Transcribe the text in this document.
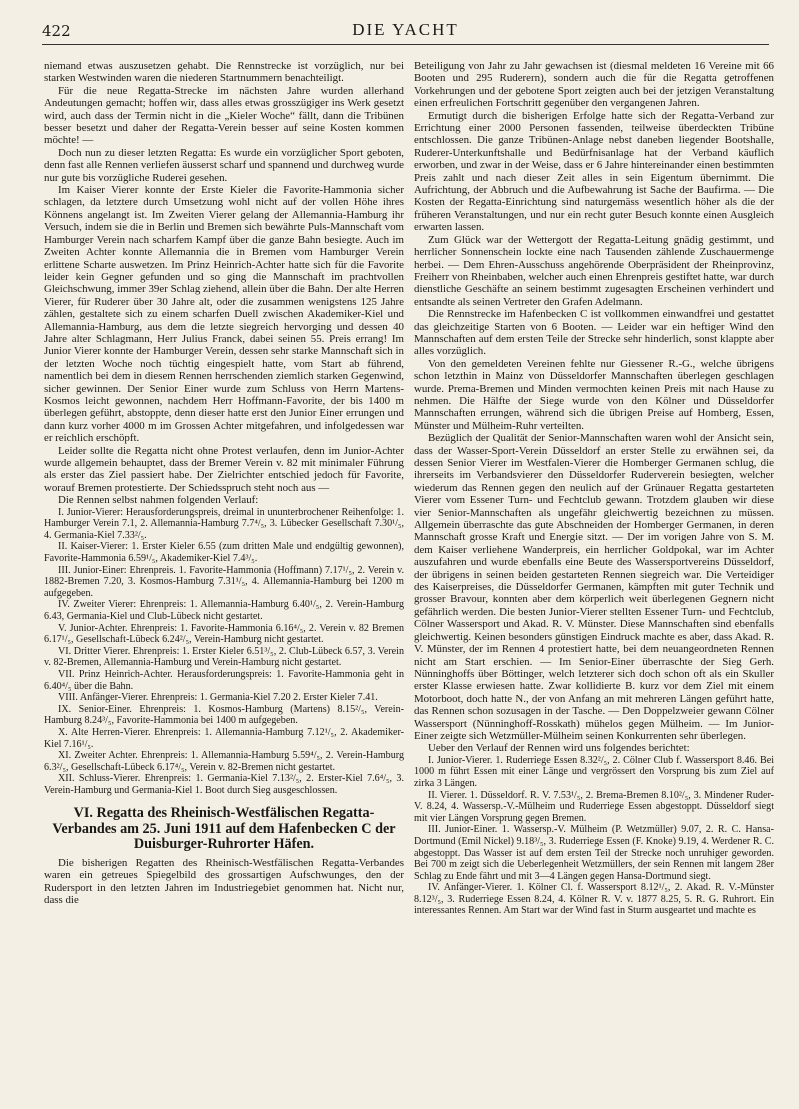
422	DIE YACHT

niemand etwas auszusetzen gehabt. Die Rennstrecke ist vorzüglich, nur bei starken Westwinden waren die niederen Startnummern benachteiligt.

Für die neue Regatta-Strecke im nächsten Jahre wurden allerhand Andeutungen gemacht; hoffen wir, dass alles etwas grosszügiger ins Werk gesetzt wird, auch dass der Termin nicht in die „Kieler Woche“ fällt, dann die Tribünen besser besetzt und daher der Regatta-Verein besser auf seine Kosten kommen möchte! —

Doch nun zu dieser letzten Regatta: Es wurde ein vorzüglicher Sport geboten, denn fast alle Rennen verliefen äusserst scharf und spannend und durchweg wurde nur gute bis vorzügliche Ruderei gesehen.

Im Kaiser Vierer konnte der Erste Kieler die Favorite-Hammonia sicher schlagen, da letztere durch Umsetzung wohl nicht auf der vollen Höhe ihres Könnens angelangt ist. Im Zweiten Vierer gelang der Allemannia-Hamburg ihr Versuch, indem sie die in Berlin und Bremen sich bewährte Puls-Mannschaft vom Hamburger Verein nach scharfem Kampf über die ganze Bahn besiegte. Auch im Zweiten Achter konnte Allemannia die in Bremen vom Hamburger Verein erlittene Scharte auswetzen. Im Prinz Heinrich-Achter hatte sich für die Favorite leider kein Gegner gefunden und so ging die Mannschaft im prachtvollen Gleichschwung, immer 39er Schlag ziehend, allein über die Bahn. Der alte Herren Vierer, für Ruderer über 30 Jahre alt, oder die zusammen wenigstens 125 Jahre zählen, gestaltete sich zu einem scharfen Duell zwischen Akademiker-Kiel und Allemannia-Hamburg, aus dem die letzte siegreich hervorging und dessen 40 Jahre alter Schlagmann, Herr Julius Franck, dabei seinen 55. Preis errang! Im Junior Vierer konnte der Hamburger Verein, dessen sehr starke Mannschaft sich in der letzten Woche noch tüchtig eingespielt hatte, vom Start ab führend, namentlich bei dem in diesem Rennen herrschenden ziemlich starken Gegenwind, sicher gewinnen. Der Senior Einer wurde zum Schluss von Herrn Martens-Kosmos leicht gewonnen, nachdem Herr Hoffmann-Favorite, der bis 1400 m überlegen geführt, abstoppte, denn dieser hatte erst den Junior Einer errungen und dann kurz vorher 4000 m im Grossen Achter mitgefahren, und infolgedessen war er reichlich erschöpft.

Leider sollte die Regatta nicht ohne Protest verlaufen, denn im Junior-Achter wurde allgemein behauptet, dass der Bremer Verein v. 82 mit minimaler Führung als erster das Ziel passiert habe. Der Zielrichter entschied jedoch für Favorite, worauf Bremen protestierte. Der Schiedsspruch steht noch aus —

Die Rennen selbst nahmen folgenden Verlauf:

I. Junior-Vierer: Herausforderungspreis, dreimal in ununterbrochener Reihenfolge: 1. Hamburger Verein 7.1, 2. Allemannia-Hamburg 7.7⁴/₅, 3. Lübecker Gesellschaft 7.30¹/₅, 4. Germania-Kiel 7.33²/₅.

II. Kaiser-Vierer: 1. Erster Kieler 6.55 (zum dritten Male und endgültig gewonnen), Favorite-Hammonia 6.59¹/₅, Akademiker-Kiel 7.4³/₅.

III. Junior-Einer: Ehrenpreis. 1. Favorite-Hammonia (Hoffmann) 7.17¹/₅, 2. Verein v. 1882-Bremen 7.20, 3. Kosmos-Hamburg 7.31¹/₅, 4. Allemannia-Hamburg bei 1200 m aufgegeben.

IV. Zweiter Vierer: Ehrenpreis: 1. Allemannia-Hamburg 6.40¹/₅, 2. Verein-Hamburg 6.43, Germania-Kiel und Club-Lübeck nicht gestartet.

V. Junior-Achter. Ehrenpreis: 1. Favorite-Hammonia 6.16⁴/₅, 2. Verein v. 82 Bremen 6.17¹/₅, Gesellschaft-Lübeck 6.24²/₅, Verein-Hamburg nicht gestartet.

VI. Dritter Vierer. Ehrenpreis: 1. Erster Kieler 6.51³/₅, 2. Club-Lübeck 6.57, 3. Verein v. 82-Bremen, Allemannia-Hamburg und Verein-Hamburg nicht gestartet.

VII. Prinz Heinrich-Achter. Herausforderungspreis: 1. Favorite-Hammonia geht in 6.40⁴/₅ über die Bahn.

VIII. Anfänger-Vierer. Ehrenpreis: 1. Germania-Kiel 7.20 2. Erster Kieler 7.41.

IX. Senior-Einer. Ehrenpreis: 1. Kosmos-Hamburg (Martens) 8.15²/₅, Verein-Hamburg 8.24³/₅, Favorite-Hammonia bei 1400 m aufgegeben.

X. Alte Herren-Vierer. Ehrenpreis: 1. Allemannia-Hamburg 7.12¹/₅, 2. Akademiker-Kiel 7.16¹/₅.

XI. Zweiter Achter. Ehrenpreis: 1. Allemannia-Hamburg 5.59⁴/₅, 2. Verein-Hamburg 6.3²/₅, Gesellschaft-Lübeck 6.17⁴/₅, Verein v. 82-Bremen nicht gestartet.

XII. Schluss-Vierer. Ehrenpreis: 1. Germania-Kiel 7.13²/₅, 2. Erster-Kiel 7.6⁴/₅, 3. Verein-Hamburg und Germania-Kiel 1. Boot durch Sieg ausgeschlossen.

VI. Regatta des Rheinisch-Westfälischen Regatta-Verbandes am 25. Juni 1911 auf dem Hafenbecken C der Duisburger-Ruhrorter Häfen.

Die bisherigen Regatten des Rheinisch-Westfälischen Regatta-Verbandes waren ein getreues Spiegelbild des grossartigen Aufschwunges, den der Rudersport in den letzten Jahren im Industriegebiet genommen hat. Nicht nur, dass die

Beteiligung von Jahr zu Jahr gewachsen ist (diesmal meldeten 16 Vereine mit 66 Booten und 295 Ruderern), sondern auch die für die Regatta getroffenen Vorkehrungen und der gebotene Sport zeigten auch bei der jetzigen Veranstaltung einen erfreulichen Fortschritt gegenüber den vergangenen Jahren.

Ermutigt durch die bisherigen Erfolge hatte sich der Regatta-Verband zur Errichtung einer 2000 Personen fassenden, teilweise überdeckten Tribüne entschlossen. Die ganze Tribünen-Anlage nebst daneben liegender Bootshalle, Ruderer-Unterkunftshalle und Bedürfnisanlage hat der Verband käuflich erworben, und zwar in der Weise, dass er 6 Jahre hintereinander einen bestimmten Preis zahlt und nach dieser Zeit alles in sein Eigentum übernimmt. Die Aufrichtung, der Abbruch und die Aufbewahrung ist Sache der Baufirma. — Die Kosten der Regatta-Einrichtung sind naturgemäss wesentlich höher als die der früheren Veranstaltungen, und nur ein recht guter Besuch konnte einen Ausgleich erwarten lassen.

Zum Glück war der Wettergott der Regatta-Leitung gnädig gestimmt, und herrlicher Sonnenschein lockte eine nach Tausenden zählende Zuschauermenge herbei. — Dem Ehren-Ausschuss angehörende Oberpräsident der Rheinprovinz, Freiherr von Rheinbaben, welcher auch einen Ehrenpreis gestiftet hatte, war durch dienstliche Geschäfte an seinem bestimmt zugesagten Erscheinen verhindert und entsandte als seinen Vertreter den Grafen Adelmann.

Die Rennstrecke im Hafenbecken C ist vollkommen einwandfrei und gestattet das gleichzeitige Starten von 6 Booten. — Leider war ein heftiger Wind den Mannschaften auf dem ersten Teile der Strecke sehr hinderlich, sonst klappte aber alles vorzüglich.

Von den gemeldeten Vereinen fehlte nur Giessener R.-G., welche übrigens schon letzthin in Mainz von Düsseldorfer Mannschaften überlegen geschlagen wurde. Prema-Bremen und Minden vermochten keinen Preis mit nach Hause zu nehmen. Die Hälfte der Siege wurde von den Kölner und Düsseldorfer Mannschaften errungen, während sich die übrigen Preise auf Homberg, Essen, Münster und Mülheim-Ruhr verteilten.

Bezüglich der Qualität der Senior-Mannschaften waren wohl der Ansicht sein, dass der Wasser-Sport-Verein Düsseldorf an erster Stelle zu erwähnen sei, da dessen Senior Vierer im Westfalen-Vierer die Homberger Germanen schlug, die ihrerseits im Verbandsvierer den Düsseldorfer Ruderverein besiegten, welcher wiederum das Rennen gegen den neulich auf der Grünauer Regatta gestarteten Vierer vom Essener Turn- und Fechtclub gewann. Trotzdem glauben wir diese vier Senior-Mannschaften als ungefähr gleichwertig bezeichnen zu müssen. Allgemein überraschte das gute Abschneiden der Homberger Germanen, in deren Mannschaft grosse Kraft und Energie sitzt. — Der im vorigen Jahre von S. M. dem Kaiser verliehene Wanderpreis, ein herrlicher Goldpokal, war im Achter auszufahren und wurde ebenfalls eine Beute des Wassersportvereins Düsseldorf, der übrigens in seinen beiden gestarteten Rennen siegreich war. Die Verteidiger des Kaiserpreises, die Düsseldorfer Germanen, kämpften mit guter Technik und grosser Bravour, konnten aber dem körperlich weit überlegenen Gegnern nicht gefährlich werden. Die besten Junior-Vierer stellten Essener Turn- und Fechtclub, Cölner Wassersport und Akad. R. V. Münster. Diese Mannschaften sind ebenfalls gleichwertig. Keinen besonders günstigen Eindruck machte es aber, dass Akad. R. V. Münster, der im Rennen 4 protestiert hatte, bei dem neuangeordneten Rennen nicht am Start erschien. — Im Senior-Einer überraschte der Sieg Gerh. Nünninghoffs über Böttinger, welch letzterer sich doch schon oft als ein Skuller erster Klasse erwiesen hatte. Zwar kollidierte B. kurz vor dem Ziel mit einem Motorboot, doch hatte N., der von Anfang an mit mehreren Längen geführt hatte, das Rennen schon sozusagen in der Tasche. — Den Doppelzweier gewann Cölner Wassersport (Nünninghoff-Rosskath) mühelos gegen Mülheim. — Im Junior-Einer zeigte sich Wetzmüller-Mülheim seinen Konkurrenten sehr überlegen.

Ueber den Verlauf der Rennen wird uns folgendes berichtet:

I. Junior-Vierer. 1. Ruderriege Essen 8.32²/₅, 2. Cölner Club f. Wassersport 8.46. Bei 1000 m führt Essen mit einer Länge und vergrössert den Vorsprung bis zum Ziel auf zirka 3 Längen.

II. Vierer. 1. Düsseldorf. R. V. 7.53¹/₅, 2. Brema-Bremen 8.10²/₅, 3. Mindener Ruder-V. 8.24, 4. Wassersp.-V.-Mülheim und Ruderriege Essen abgestoppt. Düsseldorf siegt mit vier Längen Vorsprung gegen Bremen.

III. Junior-Einer. 1. Wassersp.-V. Mülheim (P. Wetzmüller) 9.07, 2. R. C. Hansa-Dortmund (Emil Nickel) 9.18³/₅, 3. Ruderriege Essen (F. Knoke) 9.19, 4. Werdener R. C. abgestoppt. Das Wasser ist auf dem ersten Teil der Strecke noch unruhiger geworden. Bei 700 m zeigt sich die Ueberlegenheit Wetzmüllers, der sein Rennen mit langem 28er Schlag zu Ende fährt und mit 3—4 Längen gegen Hansa-Dortmund siegt.

IV. Anfänger-Vierer. 1. Kölner Cl. f. Wassersport 8.12¹/₅, 2. Akad. R. V.-Münster 8.12³/₅, 3. Ruderriege Essen 8.24, 4. Kölner R. V. v. 1877 8.25, 5. R. G. Ruhrort. Ein interessantes Rennen. Am Start war der Wind fast in Sturm ausgeartet und machte es
